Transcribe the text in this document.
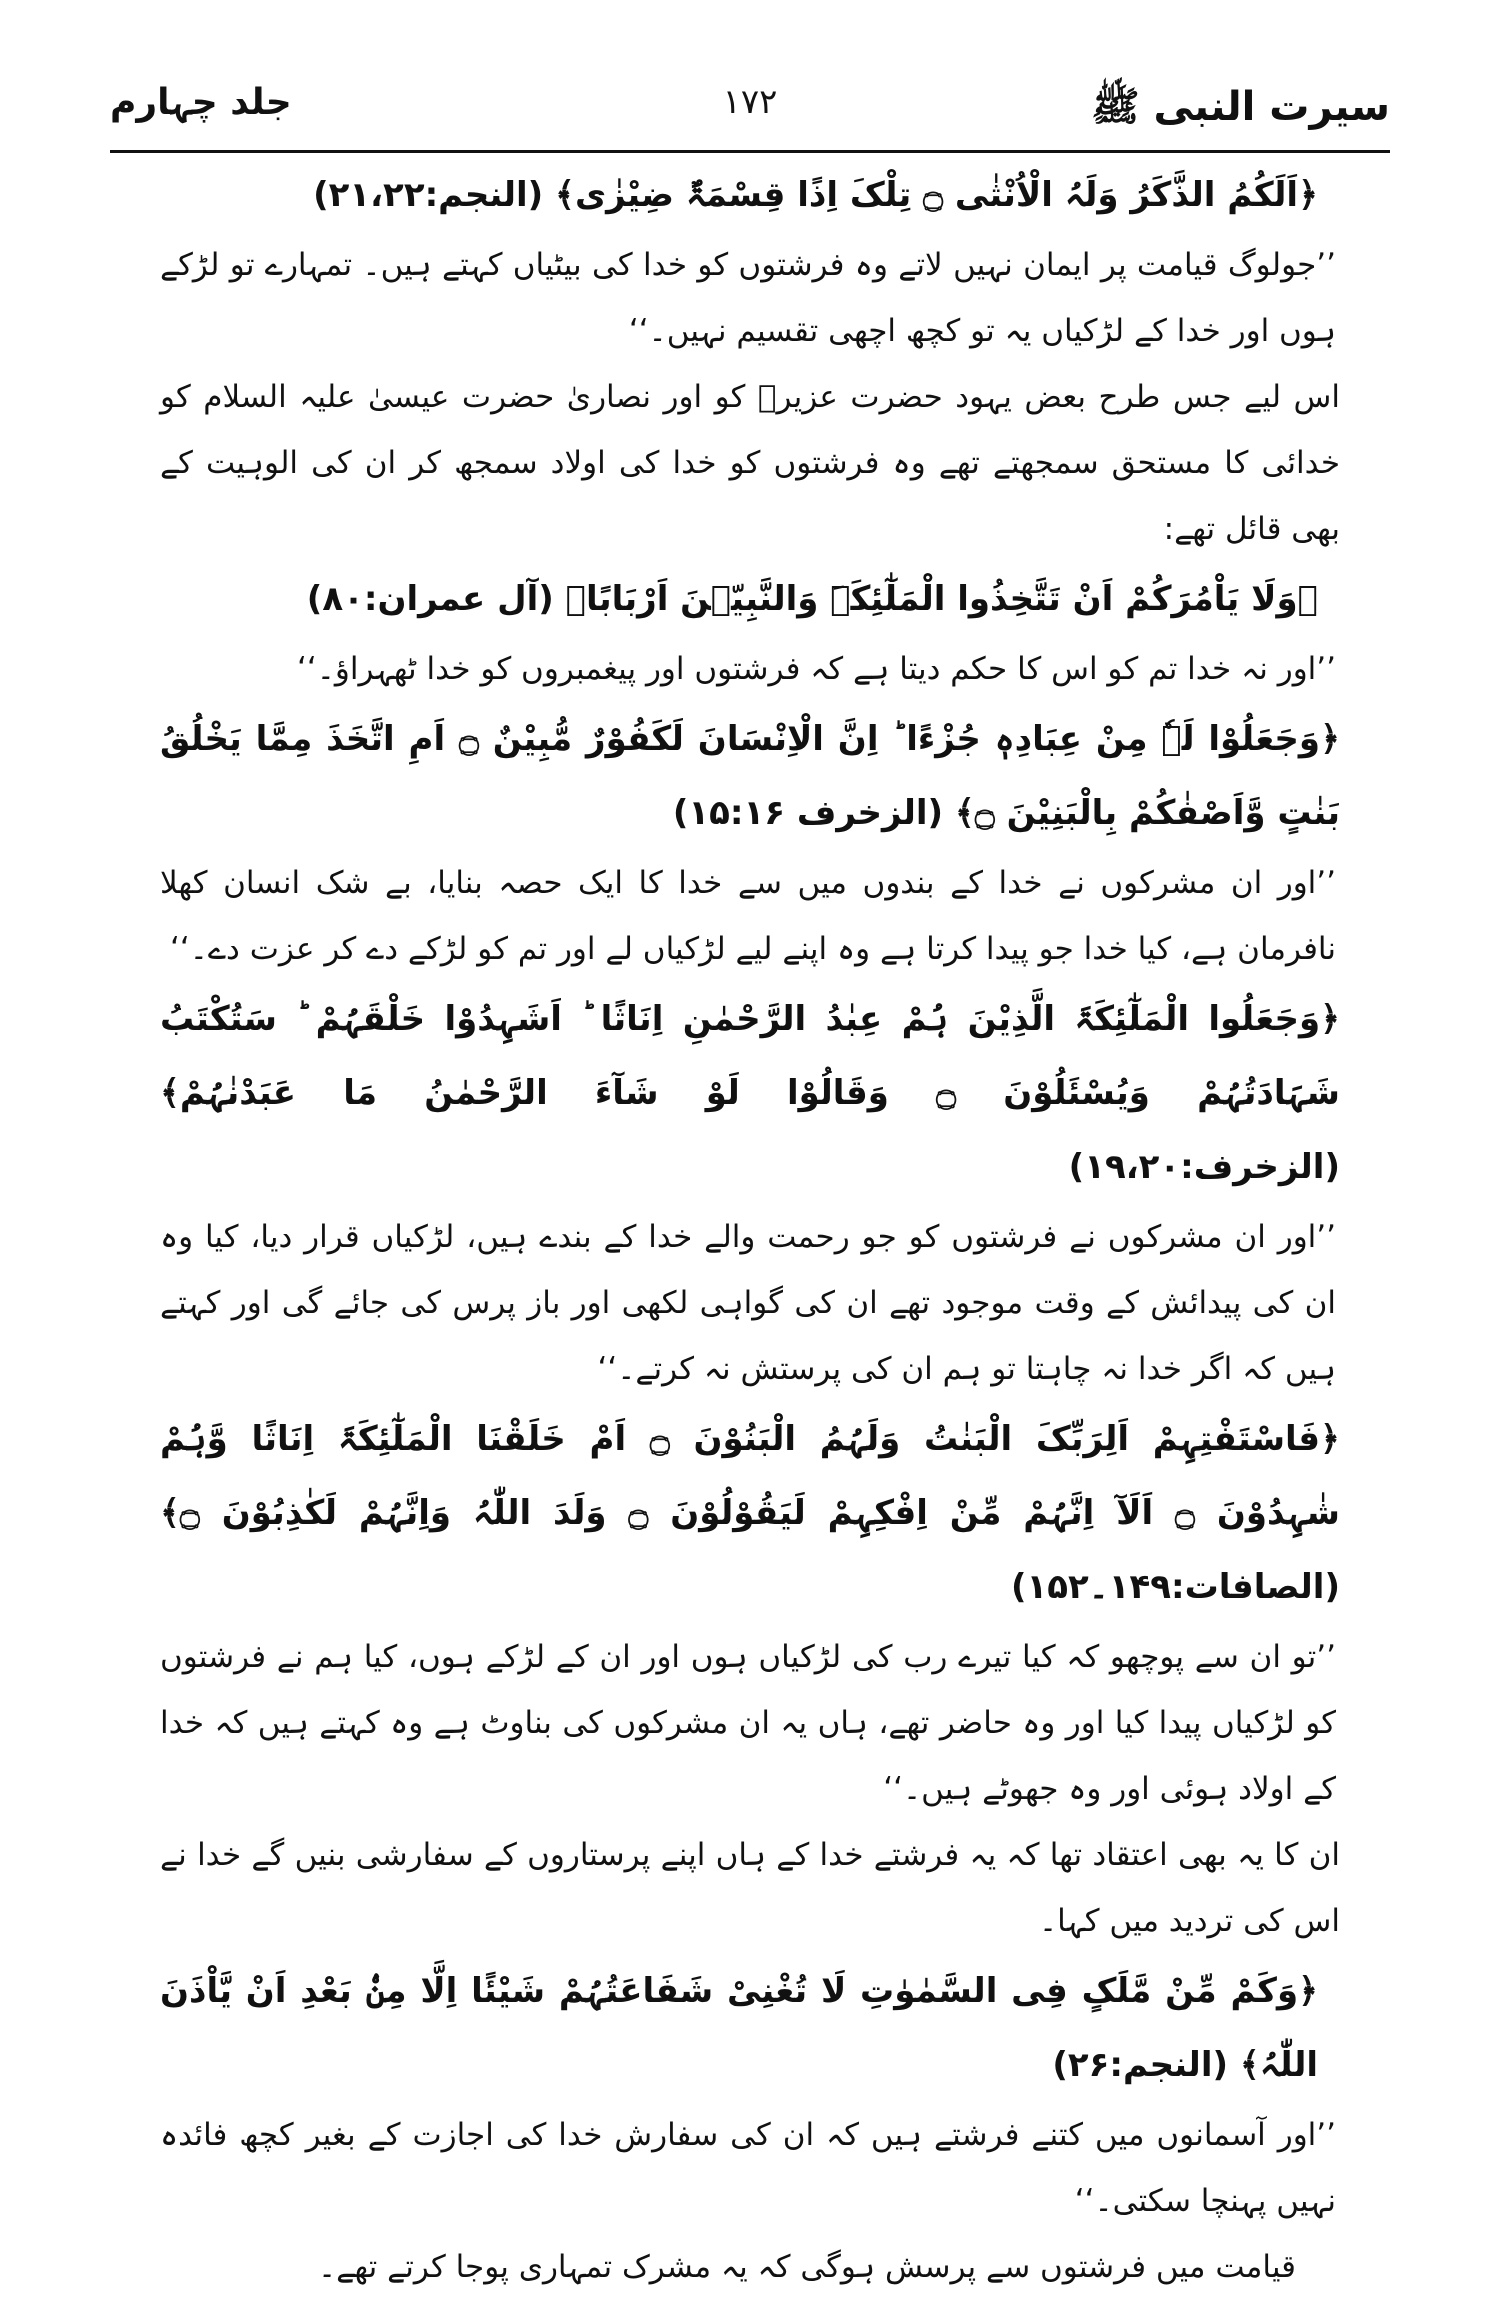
سیرت النبی ﷺ
۱۷۲
جلد چہارم

﴿اَلَکُمُ الذَّکَرُ وَلَہُ الْاُنْثٰی ۝ تِلْکَ اِذًا قِسْمَۃٌ ضِیْزٰی﴾ (النجم:۲۱،۲۲)

’’جولوگ قیامت پر ایمان نہیں لاتے وہ فرشتوں کو خدا کی بیٹیاں کہتے ہیں۔ تمہارے تو لڑکے ہوں اور خدا کے لڑکیاں یہ تو کچھ اچھی تقسیم نہیں۔‘‘

اس لیے جس طرح بعض یہود حضرت عزیرؑ کو اور نصاریٰ حضرت عیسیٰ علیہ السلام کو خدائی کا مستحق سمجھتے تھے وہ فرشتوں کو خدا کی اولاد سمجھ کر ان کی الوہیت کے بھی قائل تھے:

﴿وَلَا یَاْمُرَکُمْ اَنْ تَتَّخِذُوا الْمَلٰٓئِکَۃَ وَالنَّبِیّٖنَ اَرْبَابًا﴾ (آل عمران:۸۰)

’’اور نہ خدا تم کو اس کا حکم دیتا ہے کہ فرشتوں اور پیغمبروں کو خدا ٹھہراؤ۔‘‘

﴿وَجَعَلُوْا لَہٗ مِنْ عِبَادِہٖ جُزْءًا ؕ اِنَّ الْاِنْسَانَ لَکَفُوْرٌ مُّبِیْنٌ ۝ اَمِ اتَّخَذَ مِمَّا یَخْلُقُ بَنٰتٍ وَّاَصْفٰکُمْ بِالْبَنِیْنَ ۝﴾ (الزخرف ۱۵:۱۶)

’’اور ان مشرکوں نے خدا کے بندوں میں سے خدا کا ایک حصہ بنایا، بے شک انسان کھلا نافرمان ہے، کیا خدا جو پیدا کرتا ہے وہ اپنے لیے لڑکیاں لے اور تم کو لڑکے دے کر عزت دے۔‘‘

﴿وَجَعَلُوا الْمَلٰٓئِکَۃَ الَّذِیْنَ ہُمْ عِبٰدُ الرَّحْمٰنِ اِنَاثًا ؕ اَشَہِدُوْا خَلْقَہُمْ ؕ سَتُکْتَبُ شَہَادَتُہُمْ وَیُسْئَلُوْنَ ۝ وَقَالُوْا لَوْ شَآءَ الرَّحْمٰنُ مَا عَبَدْنٰہُمْ﴾ (الزخرف:۱۹،۲۰)

’’اور ان مشرکوں نے فرشتوں کو جو رحمت والے خدا کے بندے ہیں، لڑکیاں قرار دیا، کیا وہ ان کی پیدائش کے وقت موجود تھے ان کی گواہی لکھی اور باز پرس کی جائے گی اور کہتے ہیں کہ اگر خدا نہ چاہتا تو ہم ان کی پرستش نہ کرتے۔‘‘

﴿فَاسْتَفْتِہِمْ اَلِرَبِّکَ الْبَنٰتُ وَلَہُمُ الْبَنُوْنَ ۝ اَمْ خَلَقْنَا الْمَلٰٓئِکَۃَ اِنَاثًا وَّہُمْ شٰہِدُوْنَ ۝ اَلَآ اِنَّہُمْ مِّنْ اِفْکِہِمْ لَیَقُوْلُوْنَ ۝ وَلَدَ اللّٰہُ وَاِنَّہُمْ لَکٰذِبُوْنَ ۝﴾ (الصافات:۱۴۹۔۱۵۲)

’’تو ان سے پوچھو کہ کیا تیرے رب کی لڑکیاں ہوں اور ان کے لڑکے ہوں، کیا ہم نے فرشتوں کو لڑکیاں پیدا کیا اور وہ حاضر تھے، ہاں یہ ان مشرکوں کی بناوٹ ہے وہ کہتے ہیں کہ خدا کے اولاد ہوئی اور وہ جھوٹے ہیں۔‘‘

ان کا یہ بھی اعتقاد تھا کہ یہ فرشتے خدا کے ہاں اپنے پرستاروں کے سفارشی بنیں گے خدا نے اس کی تردید میں کہا۔

﴿وَکَمْ مِّنْ مَّلَکٍ فِی السَّمٰوٰتِ لَا تُغْنِیْ شَفَاعَتُہُمْ شَیْئًا اِلَّا مِنْۢ بَعْدِ اَنْ یَّاْذَنَ اللّٰہُ﴾ (النجم:۲۶)

’’اور آسمانوں میں کتنے فرشتے ہیں کہ ان کی سفارش خدا کی اجازت کے بغیر کچھ فائدہ نہیں پہنچا سکتی۔‘‘

قیامت میں فرشتوں سے پرسش ہوگی کہ یہ مشرک تمہاری پوجا کرتے تھے۔
